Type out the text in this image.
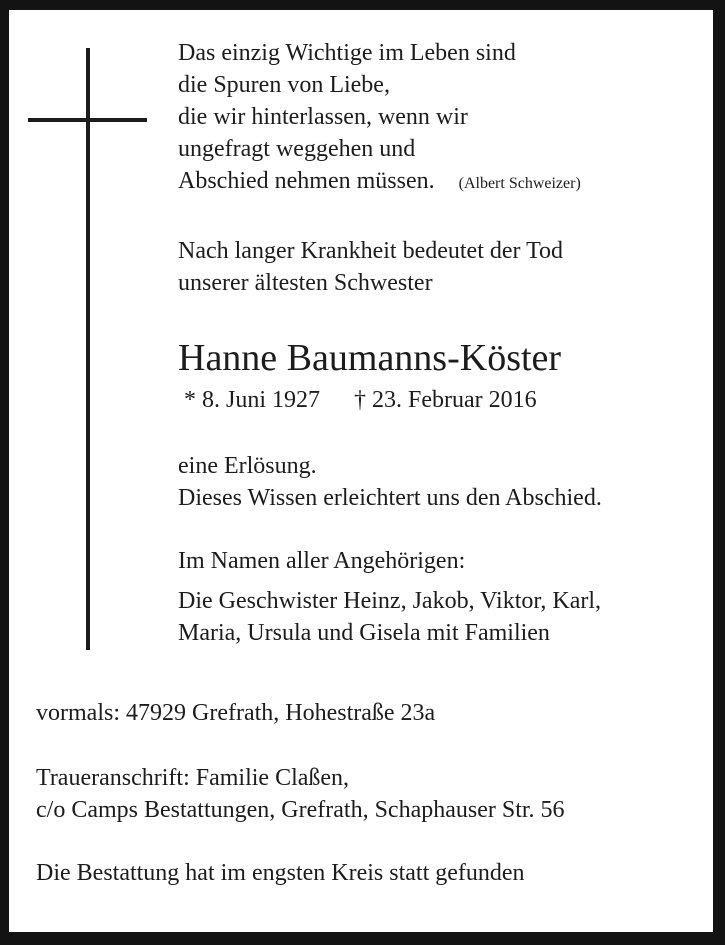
Das einzig Wichtige im Leben sind
die Spuren von Liebe,
die wir hinterlassen, wenn wir
ungefragt weggehen und
Abschied nehmen müssen. (Albert Schweizer)
Nach langer Krankheit bedeutet der Tod
unserer ältesten Schwester
Hanne Baumanns-Köster
* 8. Juni 1927 † 23. Februar 2016
eine Erlösung.
Dieses Wissen erleichtert uns den Abschied.
Im Namen aller Angehörigen:
Die Geschwister Heinz, Jakob, Viktor, Karl,
Maria, Ursula und Gisela mit Familien
vormals: 47929 Grefrath, Hohestraße 23a
Traueranschrift: Familie Claßen,
c/o Camps Bestattungen, Grefrath, Schaphauser Str. 56
Die Bestattung hat im engsten Kreis statt gefunden
